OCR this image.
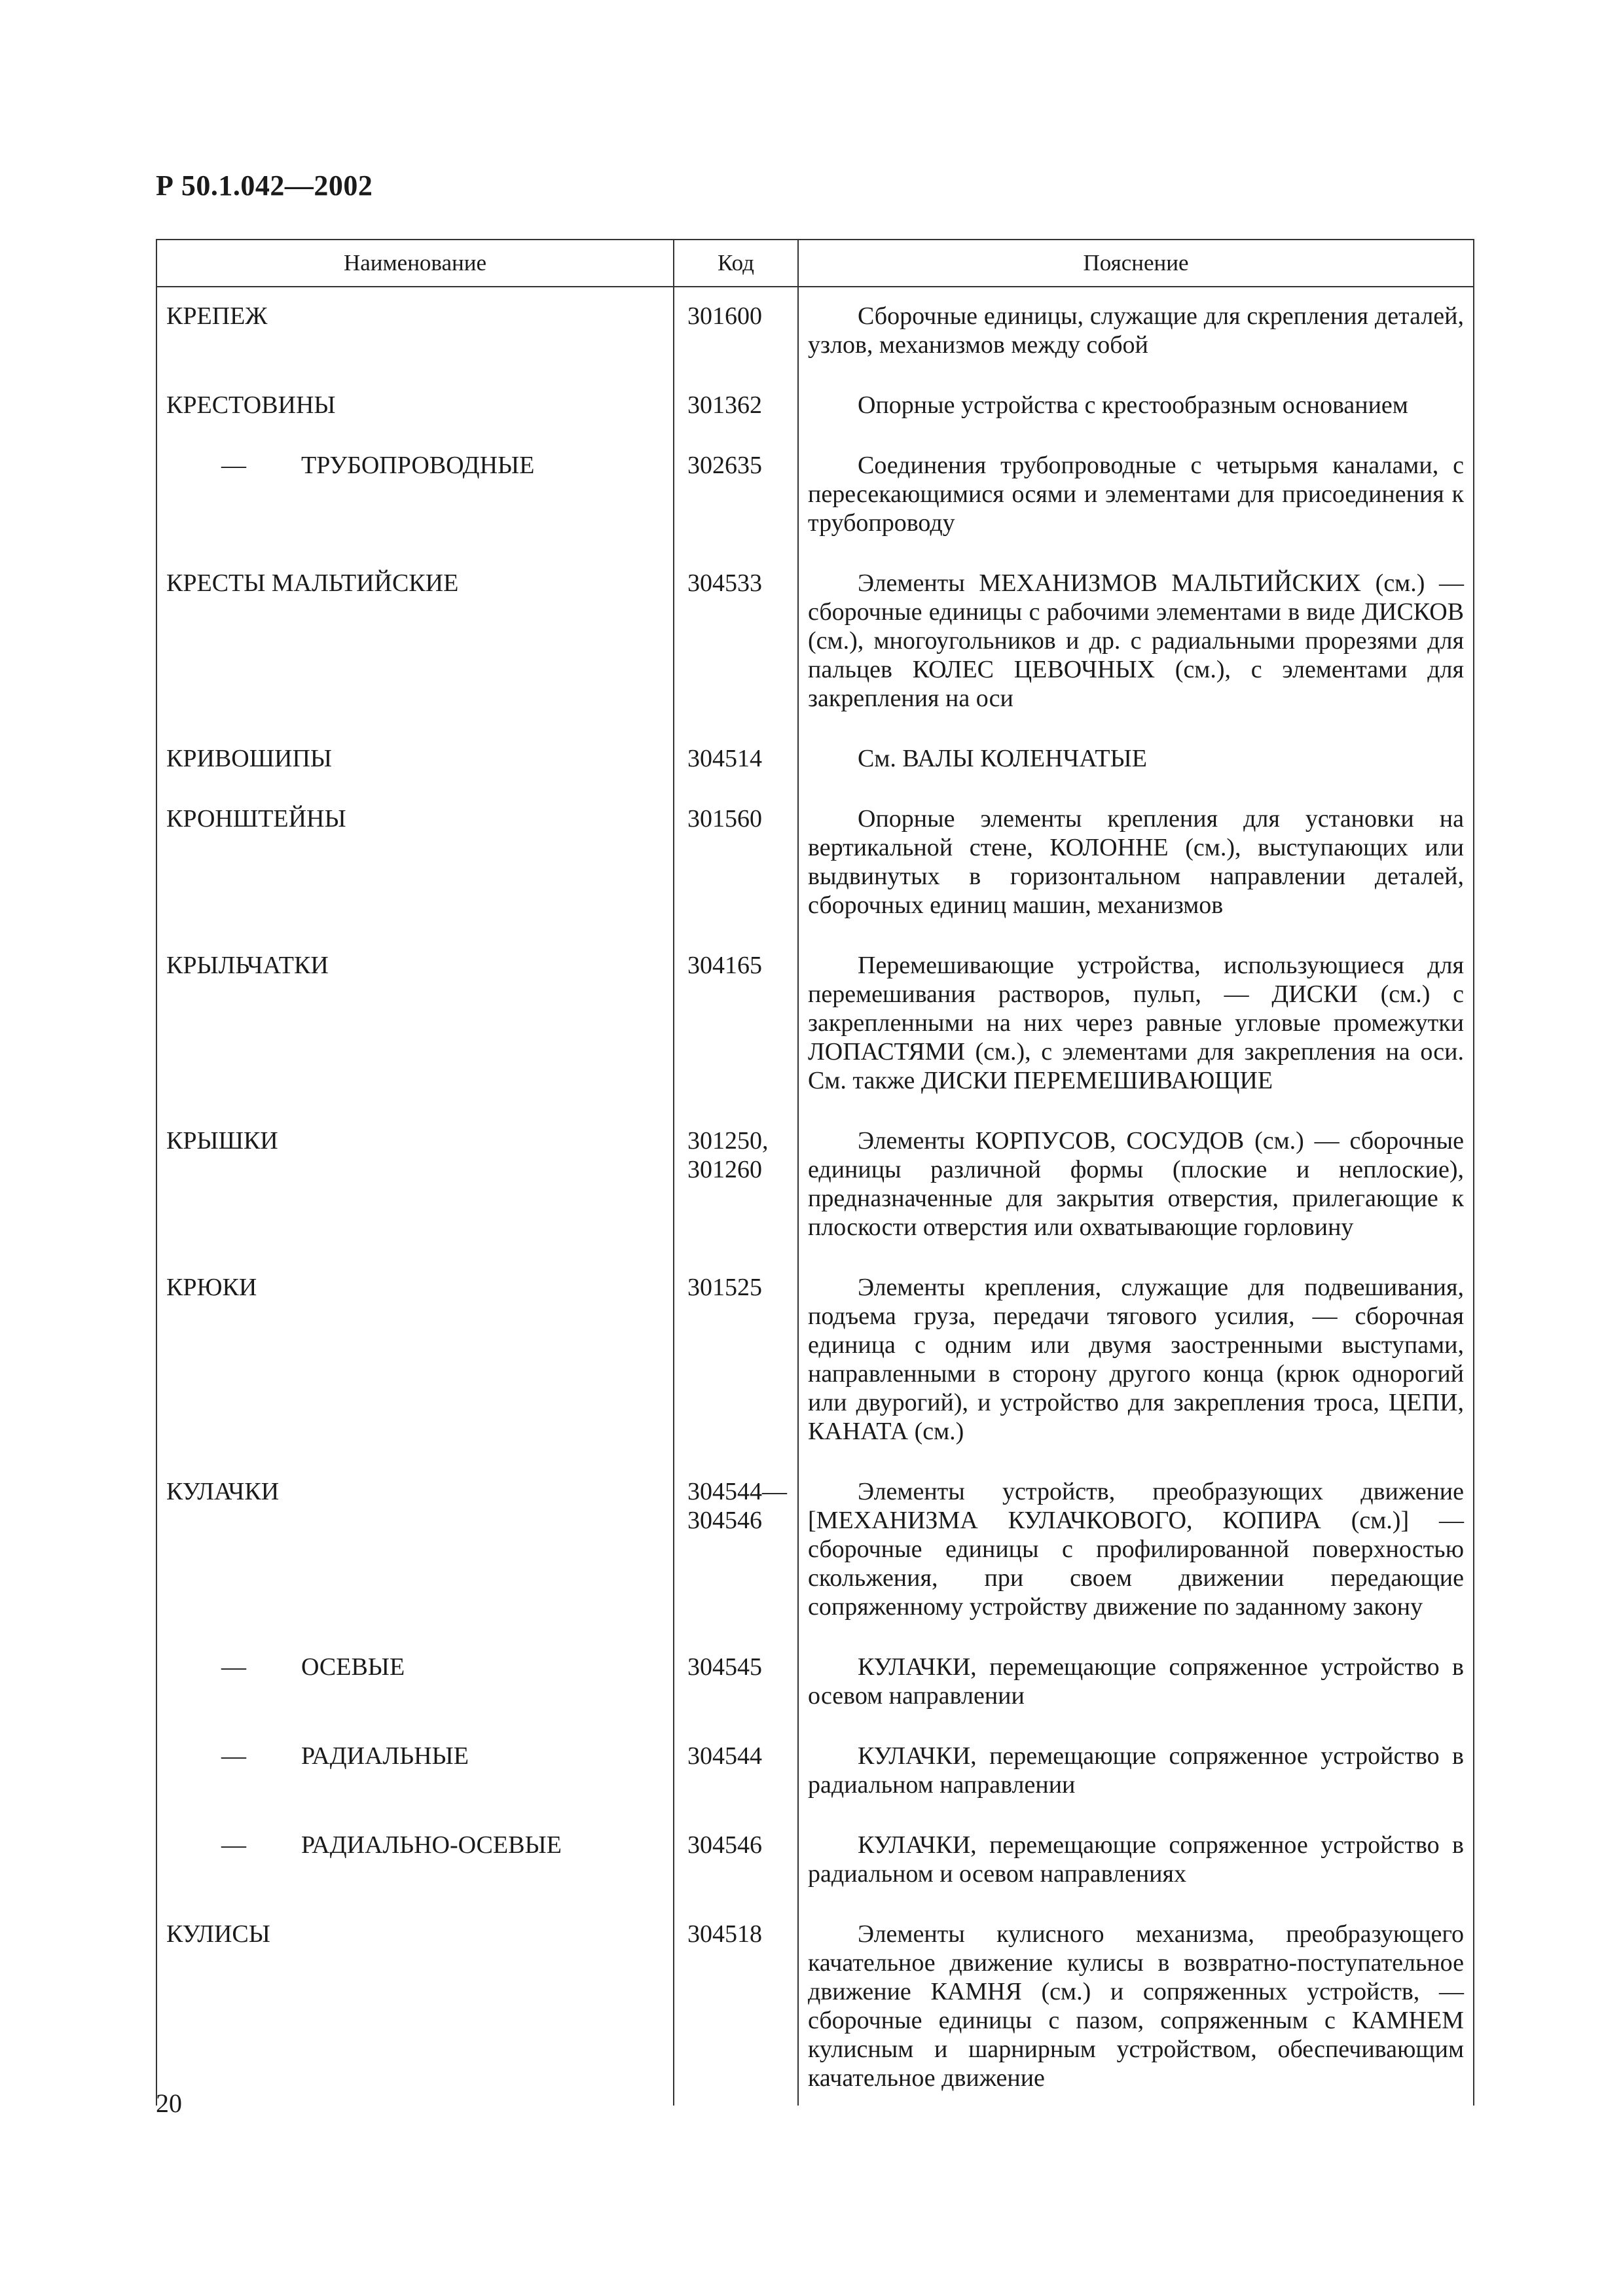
Р 50.1.042—2002
Наименование	Код	Пояснение
КРЕПЕЖ	301600	Сборочные единицы, служащие для скрепления деталей, узлов, механизмов между собой
КРЕСТОВИНЫ	301362	Опорные устройства с крестообразным основанием

— ТРУБОПРОВОДНЫЕ	302635	Соединения трубопроводные с четырьмя каналами, с пересекающимися осями и элементами для присоединения к трубопроводу
КРЕСТЫ МАЛЬТИЙСКИЕ	304533	Элементы МЕХАНИЗМОВ МАЛЬТИЙСКИХ (см.) — сборочные единицы с рабочими элементами в виде ДИСКОВ (см.), многоугольников и др. с радиальными прорезями для пальцев КОЛЕС ЦЕВОЧНЫХ (см.), с элементами для закрепления на оси
КРИВОШИПЫ	304514	См. ВАЛЫ КОЛЕНЧАТЫЕ
КРОНШТЕЙНЫ	301560	Опорные элементы крепления для установки на вертикальной стене, КОЛОННЕ (см.), выступающих или выдвинутых в горизонтальном направлении деталей, сборочных единиц машин, механизмов
КРЫЛЬЧАТКИ	304165	Перемешивающие устройства, использующиеся для перемешивания растворов, пульп, — ДИСКИ (см.) с закрепленными на них через равные угловые промежутки ЛОПАСТЯМИ (см.), с элементами для закрепления на оси. См. также ДИСКИ ПЕРЕМЕШИВАЮЩИЕ
КРЫШКИ	301250, 301260	Элементы КОРПУСОВ, СОСУДОВ (см.) — сборочные единицы различной формы (плоские и неплоские), предназначенные для закрытия отверстия, прилегающие к плоскости отверстия или охватывающие горловину
КРЮКИ	301525	Элементы крепления, служащие для подвешивания, подъема груза, передачи тягового усилия, — сборочная единица с одним или двумя заостренными выступами, направленными в сторону другого конца (крюк однорогий или двурогий), и устройство для закрепления троса, ЦЕПИ, КАНАТА (см.)
КУЛАЧКИ	304544— 304546	Элементы устройств, преобразующих движение [МЕХАНИЗМА КУЛАЧКОВОГО, КОПИРА (см.)] — сборочные единицы с профилированной поверхностью скольжения, при своем движении передающие сопряженному устройству движение по заданному закону

— ОСЕВЫЕ	304545	КУЛАЧКИ, перемещающие сопряженное устройство в осевом направлении

— РАДИАЛЬНЫЕ	304544	КУЛАЧКИ, перемещающие сопряженное устройство в радиальном направлении

— РАДИАЛЬНО-ОСЕВЫЕ	304546	КУЛАЧКИ, перемещающие сопряженное устройство в радиальном и осевом направлениях
КУЛИСЫ	304518	Элементы кулисного механизма, преобразующего качательное движение кулисы в возвратно-поступательное движение КАМНЯ (см.) и сопряженных устройств, — сборочные единицы с пазом, сопряженным с КАМНЕМ кулисным и шарнирным устройством, обеспечивающим качательное движение
20
